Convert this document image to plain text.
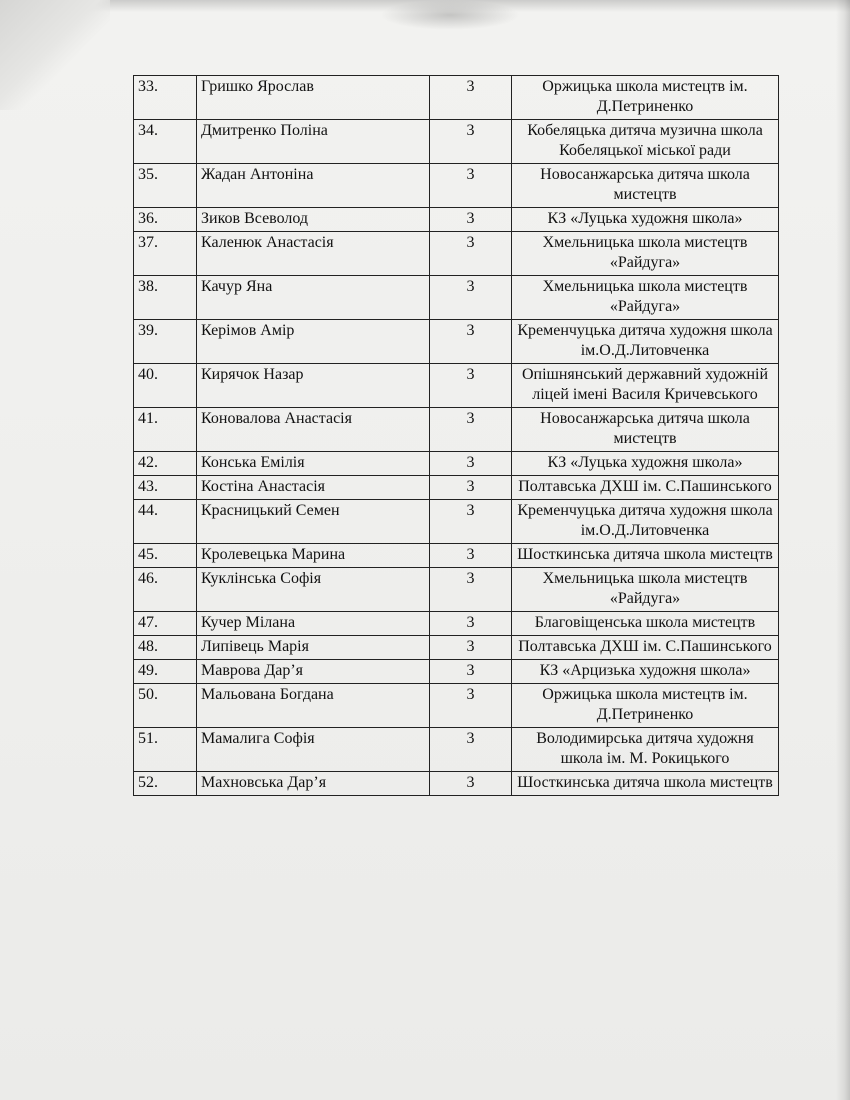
33.	Гришко Ярослав	3	Оржицька школа мистецтв ім. Д.Петриненко
34.	Дмитренко Поліна	3	Кобеляцька дитяча музична школа Кобеляцької міської ради
35.	Жадан Антоніна	3	Новосанжарська дитяча школа мистецтв
36.	Зиков Всеволод	3	КЗ «Луцька художня школа»
37.	Каленюк Анастасія	3	Хмельницька школа мистецтв «Райдуга»
38.	Качур Яна	3	Хмельницька школа мистецтв «Райдуга»
39.	Керімов Амір	3	Кременчуцька дитяча художня школа ім.О.Д.Литовченка
40.	Кирячок Назар	3	Опішнянський державний художній ліцей імені Василя Кричевського
41.	Коновалова Анастасія	3	Новосанжарська дитяча школа мистецтв
42.	Конська Емілія	3	КЗ «Луцька художня школа»
43.	Костіна Анастасія	3	Полтавська ДХШ ім. С.Пашинського
44.	Красницький Семен	3	Кременчуцька дитяча художня школа ім.О.Д.Литовченка
45.	Кролевецька Марина	3	Шосткинська дитяча школа мистецтв
46.	Куклінська Софія	3	Хмельницька школа мистецтв «Райдуга»
47.	Кучер Мілана	3	Благовіщенська школа мистецтв
48.	Липівець Марія	3	Полтавська ДХШ ім. С.Пашинського
49.	Маврова Дар’я	3	КЗ «Арцизька художня школа»
50.	Мальована Богдана	3	Оржицька школа мистецтв ім. Д.Петриненко
51.	Мамалига Софія	3	Володимирська дитяча художня школа ім. М. Рокицького
52.	Махновська Дар’я	3	Шосткинська дитяча школа мистецтв
